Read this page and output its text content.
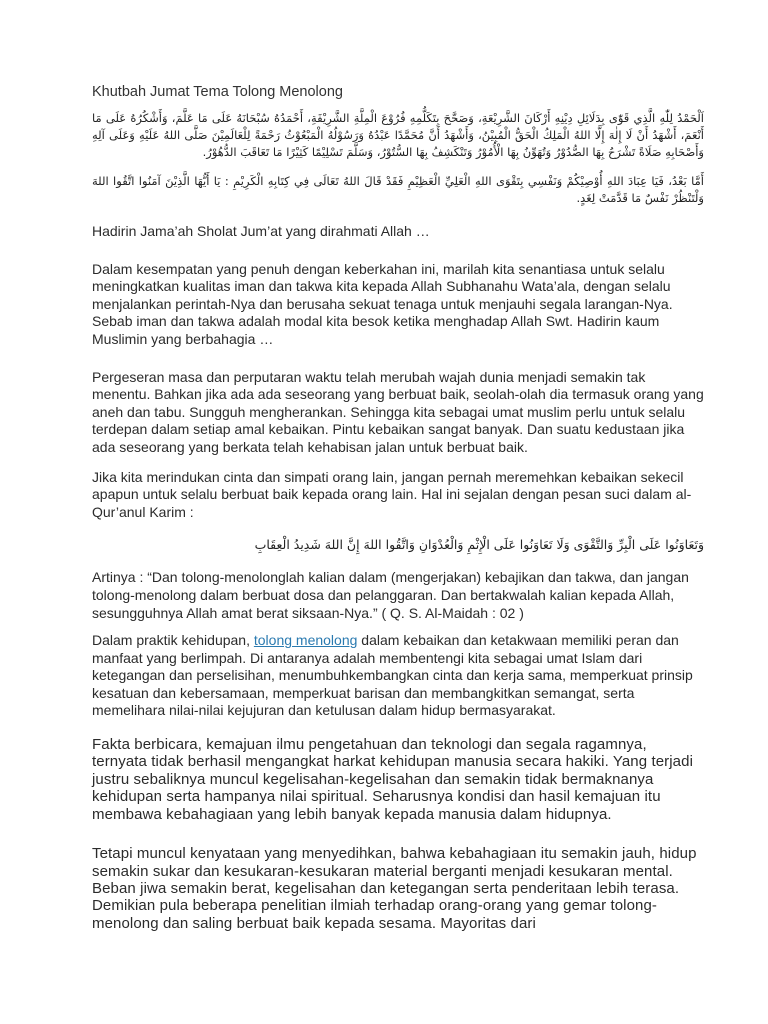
Khutbah Jumat Tema Tolong Menolong
اَلْحَمْدُ لِلّٰهِ الَّذِي قَوّٰى بِدَلَائِلِ دِيْنِهِ أَرْكَانَ الشَّرِيْعَةِ، وَصَحَّحَ بِتَكَلُّمِهِ فُرُوْعَ الْمِلَّةِ الشَّرِيْفَةِ، أَحْمَدُهُ سُبْحَانَهُ عَلَى مَا عَلَّمَ، وَأَشْكُرُهُ عَلَى مَا أَنْعَمَ، أَشْهَدُ أَنْ لَا إِلٰهَ إِلَّا اللهُ الْمَلِكُ الْحَقُّ الْمُبِيْنُ، وَأَشْهَدُ أَنَّ مُحَمَّدًا عَبْدُهُ وَرَسُوْلُهُ الْمَبْعُوْثُ رَحْمَةً لِلْعَالَمِيْنَ صَلَّى اللهُ عَلَيْهِ وَعَلَى آلِهِ وَأَصْحَابِهِ صَلَاةً تَشْرَحُ بِهَا الصُّدُوْرُ وَتُهَوِّنُ بِهَا الْأُمُوْرُ وَتَنْكَشِفُ بِهَا السُّتُوْرُ، وَسَلَّمَ تَسْلِيْمًا كَثِيْرًا مَا تَعَاقَبَ الدُّهُوْرُ.
أَمَّا بَعْدُ، فَيَا عِبَادَ اللهِ أُوْصِيْكُمْ وَنَفْسِي بِتَقْوَى اللهِ الْعَلِيِّ الْعَظِيْمِ فَقَدْ قَالَ اللهُ تَعَالَى فِي كِتَابِهِ الْكَرِيْمِ : يَا أَيُّهَا الَّذِيْنَ آمَنُوا اتَّقُوا اللهَ وَلْتَنْظُرْ نَفْسٌ مَا قَدَّمَتْ لِغَدٍ.

Hadirin Jama’ah Sholat Jum’at yang dirahmati Allah …

Dalam kesempatan yang penuh dengan keberkahan ini, marilah kita senantiasa untuk selalu meningkatkan kualitas iman dan takwa kita kepada Allah Subhanahu Wata’ala, dengan selalu menjalankan perintah-Nya dan berusaha sekuat tenaga untuk menjauhi segala larangan-Nya. Sebab iman dan takwa adalah modal kita besok ketika menghadap Allah Swt. Hadirin kaum Muslimin yang berbahagia …

Pergeseran masa dan perputaran waktu telah merubah wajah dunia menjadi semakin tak menentu. Bahkan jika ada ada seseorang yang berbuat baik, seolah-olah dia termasuk orang yang aneh dan tabu. Sungguh mengherankan. Sehingga kita sebagai umat muslim perlu untuk selalu terdepan dalam setiap amal kebaikan. Pintu kebaikan sangat banyak. Dan suatu kedustaan jika ada seseorang yang berkata telah kehabisan jalan untuk berbuat baik.

Jika kita merindukan cinta dan simpati orang lain, jangan pernah meremehkan kebaikan sekecil apapun untuk selalu berbuat baik kepada orang lain. Hal ini sejalan dengan pesan suci dalam al-Qur’anul Karim :

وَتَعَاوَنُوا عَلَى الْبِرِّ وَالتَّقْوَى وَلَا تَعَاوَنُوا عَلَى الْإِثْمِ وَالْعُدْوَانِ وَاتَّقُوا اللهَ إِنَّ اللهَ شَدِيدُ الْعِقَابِ

Artinya : “Dan tolong-menolonglah kalian dalam (mengerjakan) kebajikan dan takwa, dan jangan tolong-menolong dalam berbuat dosa dan pelanggaran. Dan bertakwalah kalian kepada Allah, sesungguhnya Allah amat berat siksaan-Nya.” ( Q. S. Al-Maidah : 02 )

Dalam praktik kehidupan, tolong menolong dalam kebaikan dan ketakwaan memiliki peran dan manfaat yang berlimpah. Di antaranya adalah membentengi kita sebagai umat Islam dari ketegangan dan perselisihan, menumbuhkembangkan cinta dan kerja sama, memperkuat prinsip kesatuan dan kebersamaan, memperkuat barisan dan membangkitkan semangat, serta memelihara nilai-nilai kejujuran dan ketulusan dalam hidup bermasyarakat.

Fakta berbicara, kemajuan ilmu pengetahuan dan teknologi dan segala ragamnya, ternyata tidak berhasil mengangkat harkat kehidupan manusia secara hakiki. Yang terjadi justru sebaliknya muncul kegelisahan-kegelisahan dan semakin tidak bermaknanya kehidupan serta hampanya nilai spiritual. Seharusnya kondisi dan hasil kemajuan itu membawa kebahagiaan yang lebih banyak kepada manusia dalam hidupnya.

Tetapi muncul kenyataan yang menyedihkan, bahwa kebahagiaan itu semakin jauh, hidup semakin sukar dan kesukaran-kesukaran material berganti menjadi kesukaran mental. Beban jiwa semakin berat, kegelisahan dan ketegangan serta penderitaan lebih terasa. Demikian pula beberapa penelitian ilmiah terhadap orang-orang yang gemar tolong-menolong dan saling berbuat baik kepada sesama. Mayoritas dari
